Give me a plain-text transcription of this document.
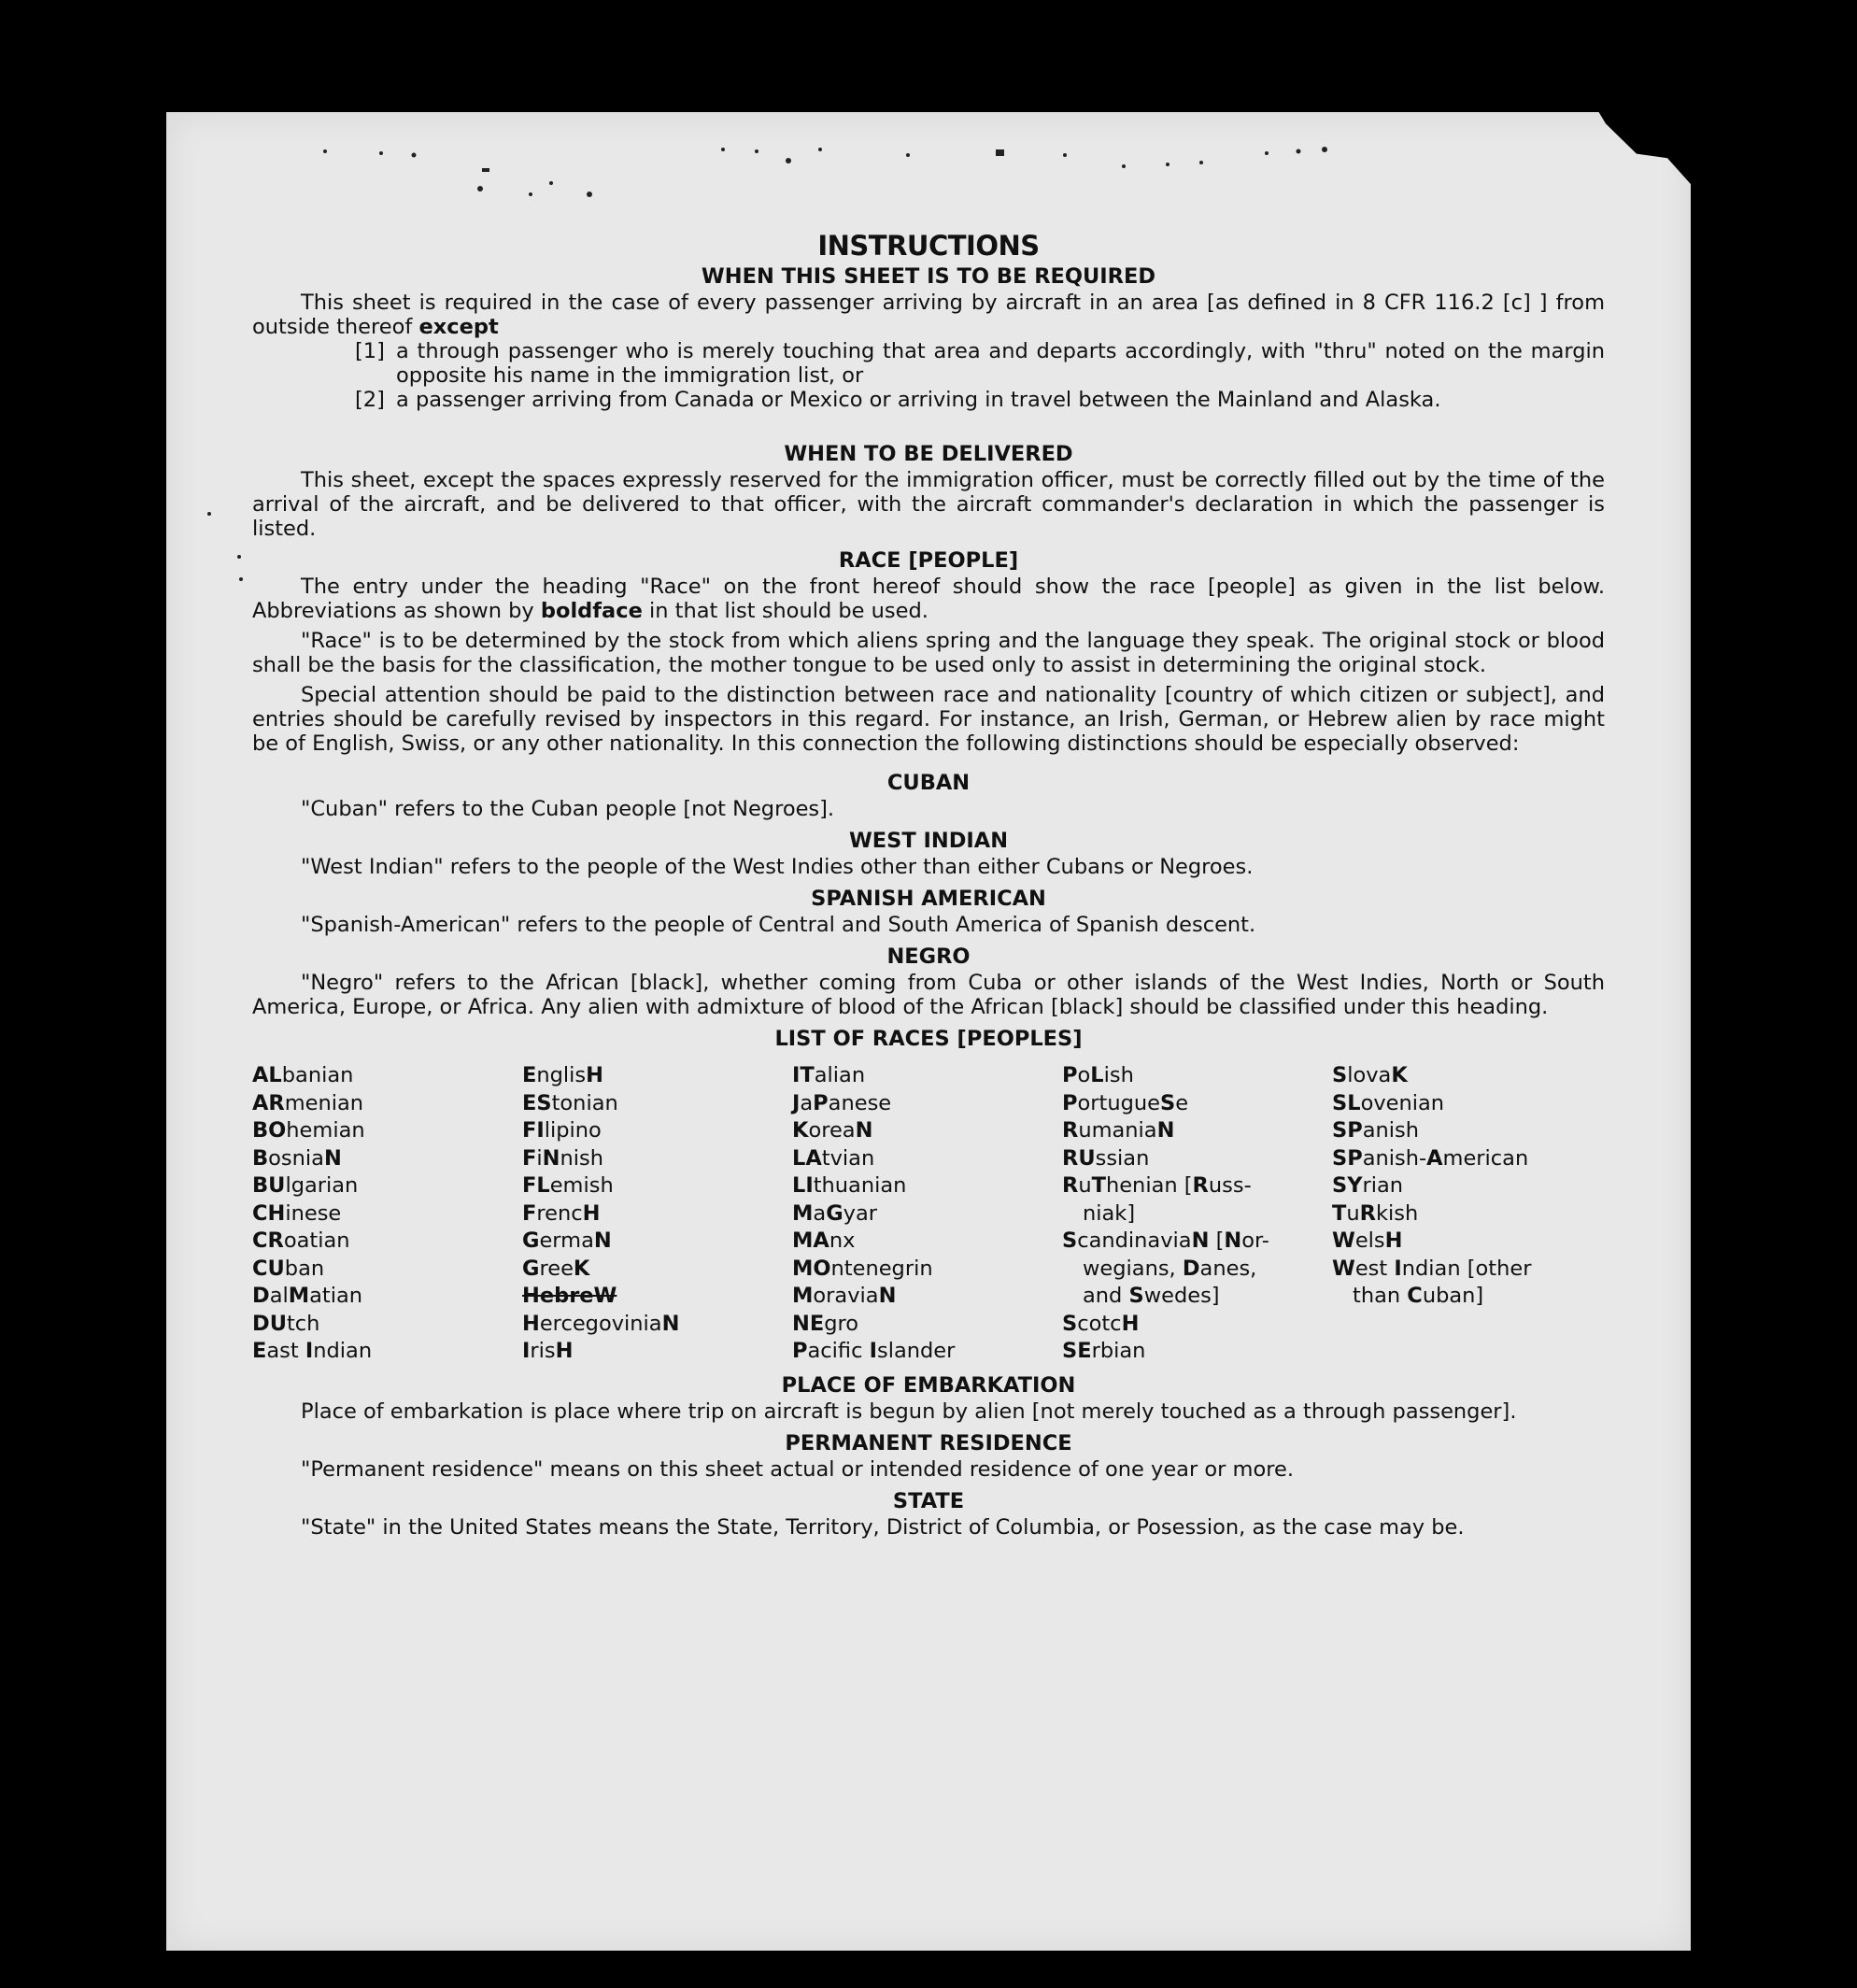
INSTRUCTIONS
WHEN THIS SHEET IS TO BE REQUIRED

This sheet is required in the case of every passenger arriving by aircraft in an area [as defined in 8 CFR 116.2 [c] ] from outside thereof except

[1] a through passenger who is merely touching that area and departs accordingly, with "thru" noted on the margin opposite his name in the immigration list, or
[2] a passenger arriving from Canada or Mexico or arriving in travel between the Mainland and Alaska.
WHEN TO BE DELIVERED

This sheet, except the spaces expressly reserved for the immigration officer, must be correctly filled out by the time of the arrival of the aircraft, and be delivered to that officer, with the aircraft commander's declaration in which the passenger is listed.

RACE [PEOPLE]

The entry under the heading "Race" on the front hereof should show the race [people] as given in the list below. Abbreviations as shown by boldface in that list should be used.

"Race" is to be determined by the stock from which aliens spring and the language they speak. The original stock or blood shall be the basis for the classification, the mother tongue to be used only to assist in determining the original stock.

Special attention should be paid to the distinction between race and nationality [country of which citizen or subject], and entries should be carefully revised by inspectors in this regard. For instance, an Irish, German, or Hebrew alien by race might be of English, Swiss, or any other nationality. In this connection the following distinctions should be especially observed:

CUBAN

"Cuban" refers to the Cuban people [not Negroes].

WEST INDIAN

"West Indian" refers to the people of the West Indies other than either Cubans or Negroes.

SPANISH AMERICAN

"Spanish-American" refers to the people of Central and South America of Spanish descent.

NEGRO

"Negro" refers to the African [black], whether coming from Cuba or other islands of the West Indies, North or South America, Europe, or Africa. Any alien with admixture of blood of the African [black] should be classified under this heading.

LIST OF RACES [PEOPLES]
ALbanian
ARmenian
BOhemian
BosniaN
BUlgarian
CHinese
CRoatian
CUban
DalMatian
DUtch
East Indian
EnglisH
EStonian
FIlipino
FiNnish
FLemish
FrencH
GermaN
GreeK
HebreW
HercegoviniaN
IrisH
ITalian
JaPanese
KoreaN
LAtvian
LIthuanian
MaGyar
MAnx
MOntenegrin
MoraviaN
NEgro
Pacific Islander
PoLish
PortugueSe
RumaniaN
RUssian
RuThenian [Russ-
niak]
ScandinaviaN [Nor-
wegians, Danes,
and Swedes]
ScotcH
SErbian
SlovaK
SLovenian
SPanish
SPanish-American
SYrian
TuRkish
WelsH
West Indian [other
than Cuban]
PLACE OF EMBARKATION

Place of embarkation is place where trip on aircraft is begun by alien [not merely touched as a through passenger].

PERMANENT RESIDENCE

"Permanent residence" means on this sheet actual or intended residence of one year or more.

STATE

"State" in the United States means the State, Territory, District of Columbia, or Posession, as the case may be.
